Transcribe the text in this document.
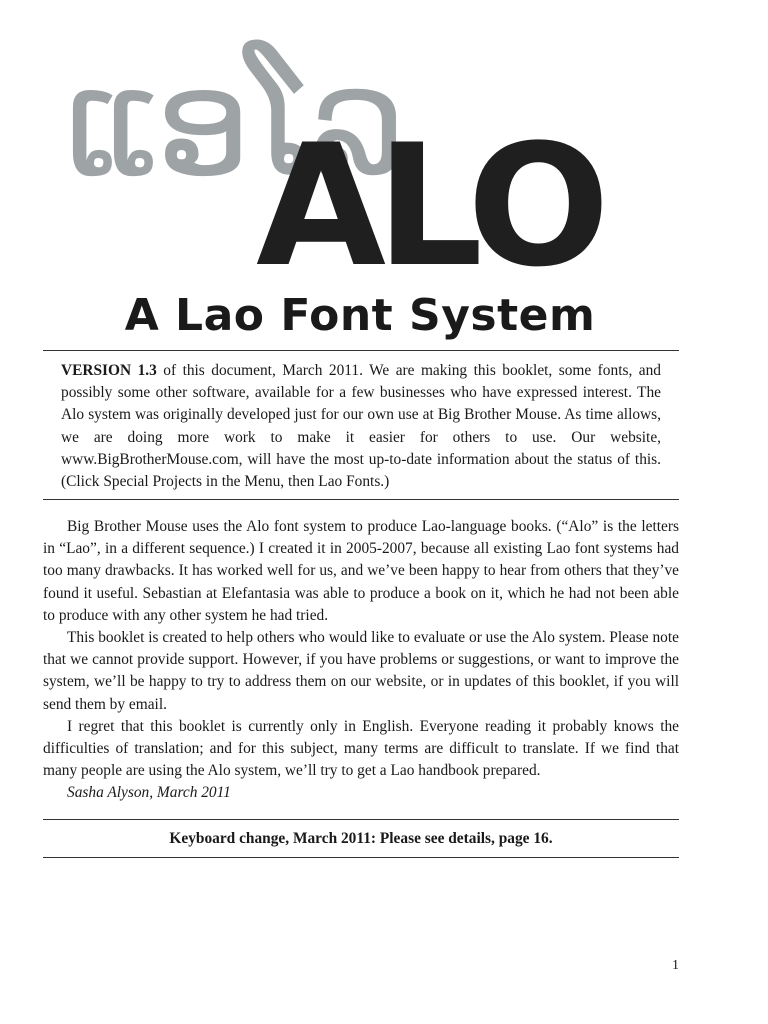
ແອໂລ
ALO
A Lao Font System
VERSION 1.3 of this document, March 2011. We are making this booklet, some fonts, and possibly some other software, available for a few businesses who have expressed interest. The Alo system was originally developed just for our own use at Big Brother Mouse. As time allows, we are doing more work to make it easier for others to use. Our website, www.BigBrotherMouse.com, will have the most up-to-date information about the status of this. (Click Special Projects in the Menu, then Lao Fonts.)

Big Brother Mouse uses the Alo font system to produce Lao-language books. (“Alo” is the letters in “Lao”, in a different sequence.) I created it in 2005-2007, because all existing Lao font systems had too many drawbacks. It has worked well for us, and we’ve been happy to hear from others that they’ve found it useful. Sebastian at Elefantasia was able to produce a book on it, which he had not been able to produce with any other system he had tried.

This booklet is created to help others who would like to evaluate or use the Alo system. Please note that we cannot provide support. However, if you have problems or suggestions, or want to improve the system, we’ll be happy to try to address them on our website, or in updates of this booklet, if you will send them by email.

I regret that this booklet is currently only in English. Everyone reading it probably knows the difficulties of translation; and for this subject, many terms are difficult to translate. If we find that many people are using the Alo system, we’ll try to get a Lao handbook prepared.

Sasha Alyson, March 2011

Keyboard change, March 2011: Please see details, page 16.
1
